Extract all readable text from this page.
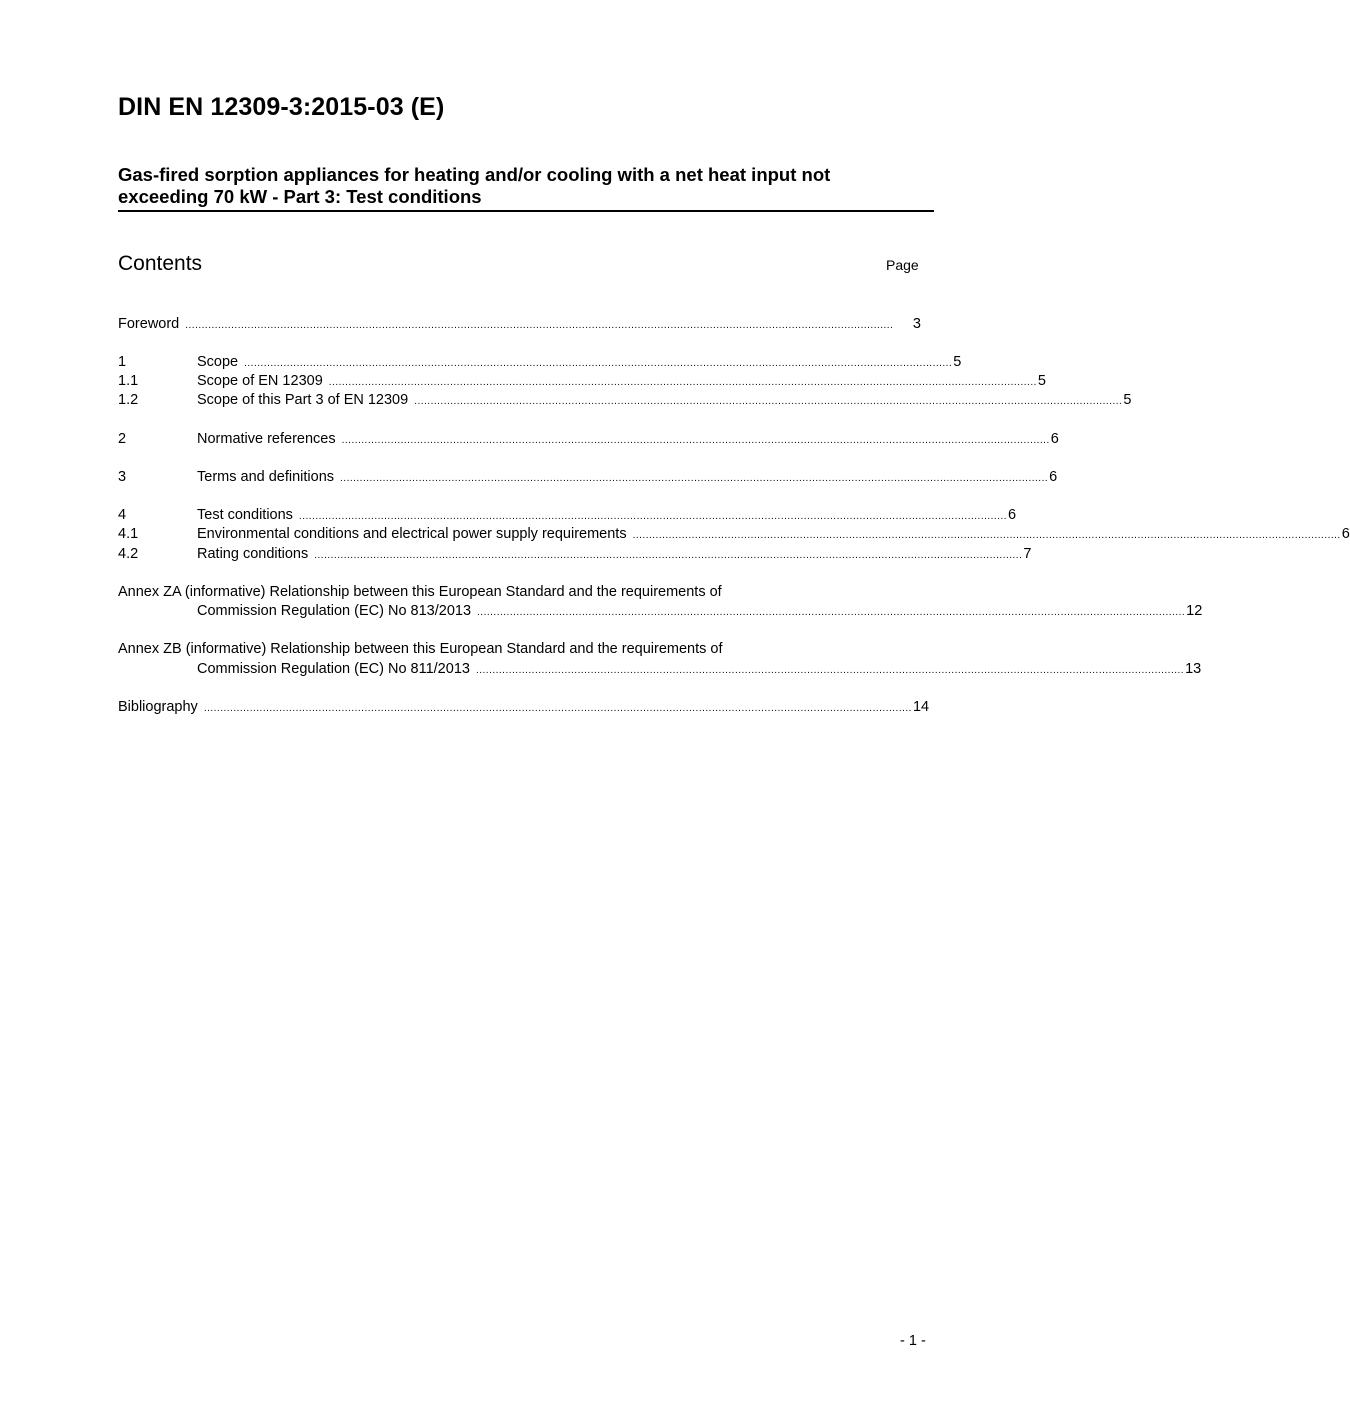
DIN EN 12309-3:2015-03 (E)
Gas-fired sorption appliances for heating and/or cooling with a net heat input not
exceeding 70 kW - Part 3: Test conditions
Contents	Page
Foreword ........................................................................................................................................................................................................................	3
1	Scope ........................................................................................................................................................................................................................ 5
1.1	Scope of EN 12309 ........................................................................................................................................................................................................................ 5
1.2	Scope of this Part 3 of EN 12309 ........................................................................................................................................................................................................................ 5
2	Normative references ........................................................................................................................................................................................................................ 6
3	Terms and definitions ........................................................................................................................................................................................................................ 6
4	Test conditions ........................................................................................................................................................................................................................ 6
4.1	Environmental conditions and electrical power supply requirements ........................................................................................................................................................................................................................ 6
4.2	Rating conditions ........................................................................................................................................................................................................................ 7
Annex ZA (informative) Relationship between this European Standard and the requirements of
Commission Regulation (EC) No 813/2013 ........................................................................................................................................................................................................................ 12
Annex ZB (informative) Relationship between this European Standard and the requirements of
Commission Regulation (EC) No 811/2013 ........................................................................................................................................................................................................................ 13
Bibliography ........................................................................................................................................................................................................................ 14
- 1 -
